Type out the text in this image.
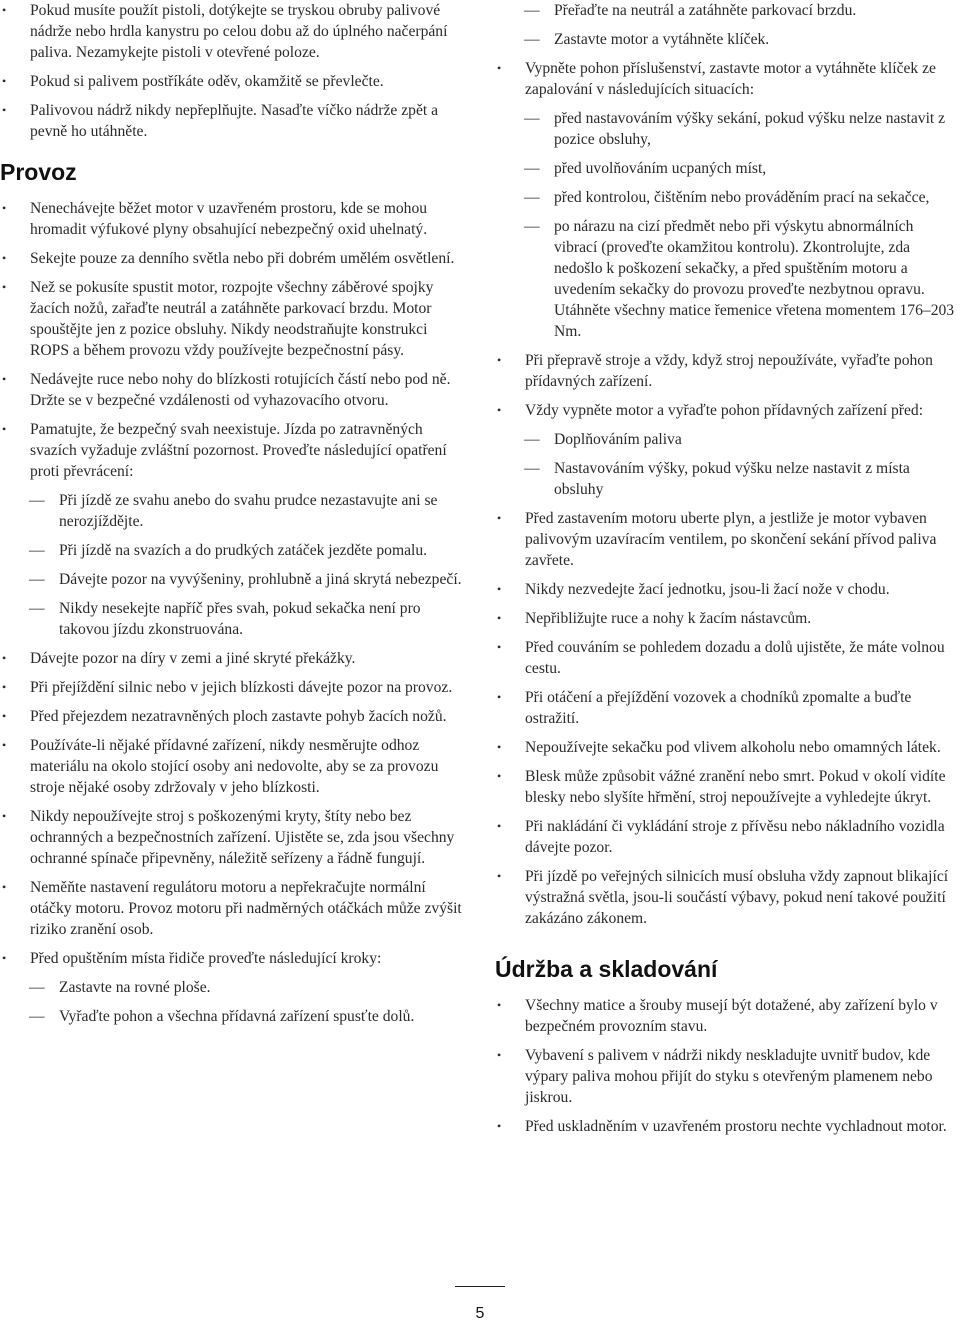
• Pokud musíte použít pistoli, dotýkejte se tryskou obruby palivové nádrže nebo hrdla kanystru po celou dobu až do úplného načerpání paliva. Nezamykejte pistoli v otevřené poloze.
• Pokud si palivem postříkáte oděv, okamžitě se převlečte.
• Palivovou nádrž nikdy nepřeplňujte. Nasaďte víčko nádrže zpět a pevně ho utáhněte.
Provoz
• Nenechávejte běžet motor v uzavřeném prostoru, kde se mohou hromadit výfukové plyny obsahující nebezpečný oxid uhelnatý.
• Sekejte pouze za denního světla nebo při dobrém umělém osvětlení.
• Než se pokusíte spustit motor, rozpojte všechny záběrové spojky žacích nožů, zařaďte neutrál a zatáhněte parkovací brzdu. Motor spouštějte jen z pozice obsluhy. Nikdy neodstraňujte konstrukci ROPS a během provozu vždy používejte bezpečnostní pásy.
• Nedávejte ruce nebo nohy do blízkosti rotujících částí nebo pod ně. Držte se v bezpečné vzdálenosti od vyhazovacího otvoru.
• Pamatujte, že bezpečný svah neexistuje. Jízda po zatravněných svazích vyžaduje zvláštní pozornost. Proveďte následující opatření proti převrácení:
— Při jízdě ze svahu anebo do svahu prudce nezastavujte ani se nerozjíždějte.
— Při jízdě na svazích a do prudkých zatáček jezděte pomalu.
— Dávejte pozor na vyvýšeniny, prohlubně a jiná skrytá nebezpečí.
— Nikdy nesekejte napříč přes svah, pokud sekačka není pro takovou jízdu zkonstruována.
• Dávejte pozor na díry v zemi a jiné skryté překážky.
• Při přejíždění silnic nebo v jejich blízkosti dávejte pozor na provoz.
• Před přejezdem nezatravněných ploch zastavte pohyb žacích nožů.
• Používáte-li nějaké přídavné zařízení, nikdy nesměrujte odhoz materiálu na okolo stojící osoby ani nedovolte, aby se za provozu stroje nějaké osoby zdržovaly v jeho blízkosti.
• Nikdy nepoužívejte stroj s poškozenými kryty, štíty nebo bez ochranných a bezpečnostních zařízení. Ujistěte se, zda jsou všechny ochranné spínače připevněny, náležitě seřízeny a řádně fungují.
• Neměňte nastavení regulátoru motoru a nepřekračujte normální otáčky motoru. Provoz motoru při nadměrných otáčkách může zvýšit riziko zranění osob.
• Před opuštěním místa řidiče proveďte následující kroky:
— Zastavte na rovné ploše.
— Vyřaďte pohon a všechna přídavná zařízení spusťte dolů.
— Přeřaďte na neutrál a zatáhněte parkovací brzdu.
— Zastavte motor a vytáhněte klíček.
• Vypněte pohon příslušenství, zastavte motor a vytáhněte klíček ze zapalování v následujících situacích:
— před nastavováním výšky sekání, pokud výšku nelze nastavit z pozice obsluhy,
— před uvolňováním ucpaných míst,
— před kontrolou, čištěním nebo prováděním prací na sekačce,
— po nárazu na cizí předmět nebo při výskytu abnormálních vibrací (proveďte okamžitou kontrolu). Zkontrolujte, zda nedošlo k poškození sekačky, a před spuštěním motoru a uvedením sekačky do provozu proveďte nezbytnou opravu. Utáhněte všechny matice řemenice vřetena momentem 176–203 Nm.
• Při přepravě stroje a vždy, když stroj nepoužíváte, vyřaďte pohon přídavných zařízení.
• Vždy vypněte motor a vyřaďte pohon přídavných zařízení před:
— Doplňováním paliva
— Nastavováním výšky, pokud výšku nelze nastavit z místa obsluhy
• Před zastavením motoru uberte plyn, a jestliže je motor vybaven palivovým uzavíracím ventilem, po skončení sekání přívod paliva zavřete.
• Nikdy nezvedejte žací jednotku, jsou-li žací nože v chodu.
• Nepřibližujte ruce a nohy k žacím nástavcům.
• Před couváním se pohledem dozadu a dolů ujistěte, že máte volnou cestu.
• Při otáčení a přejíždění vozovek a chodníků zpomalte a buďte ostražití.
• Nepoužívejte sekačku pod vlivem alkoholu nebo omamných látek.
• Blesk může způsobit vážné zranění nebo smrt. Pokud v okolí vidíte blesky nebo slyšíte hřmění, stroj nepoužívejte a vyhledejte úkryt.
• Při nakládání či vykládání stroje z přívěsu nebo nákladního vozidla dávejte pozor.
• Při jízdě po veřejných silnicích musí obsluha vždy zapnout blikající výstražná světla, jsou-li součástí výbavy, pokud není takové použití zakázáno zákonem.
Údržba a skladování
• Všechny matice a šrouby musejí být dotažené, aby zařízení bylo v bezpečném provozním stavu.
• Vybavení s palivem v nádrži nikdy neskladujte uvnitř budov, kde výpary paliva mohou přijít do styku s otevřeným plamenem nebo jiskrou.
• Před uskladněním v uzavřeném prostoru nechte vychladnout motor.
5
